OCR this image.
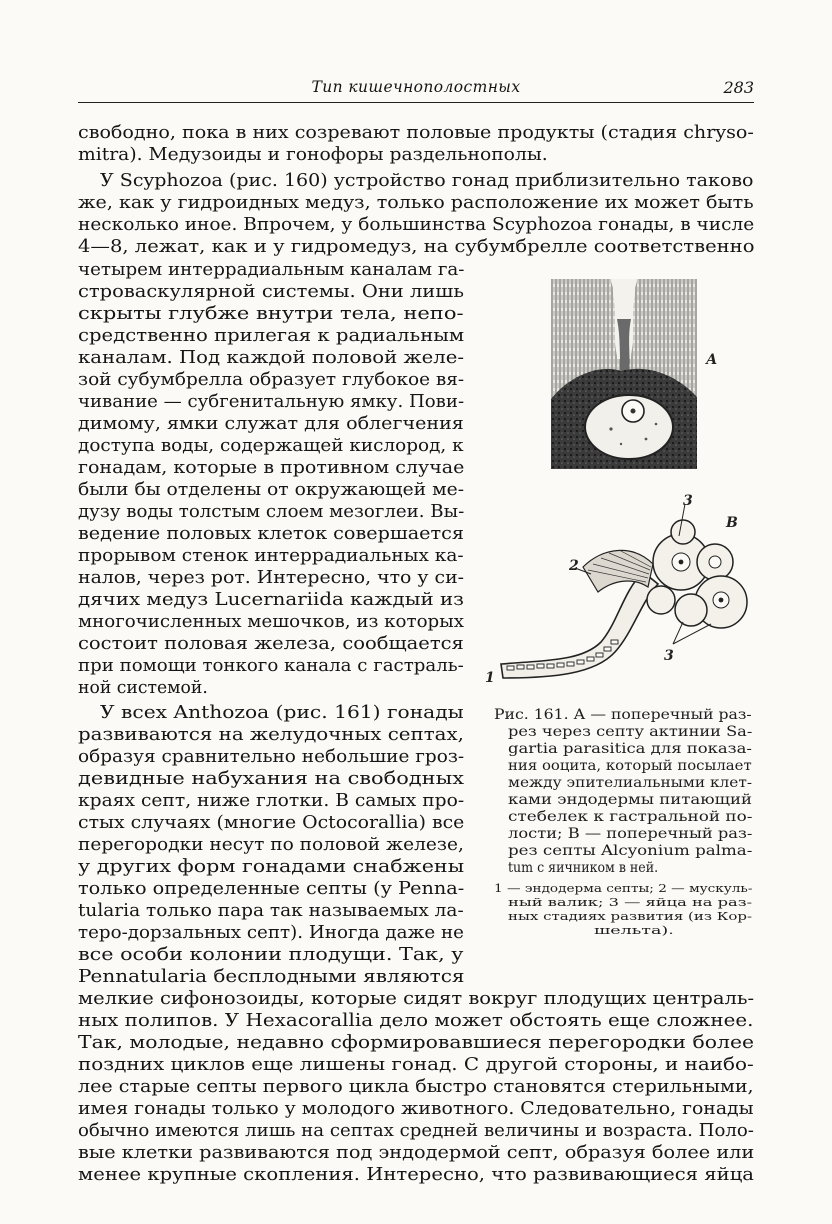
Тип кишечнополостных	283
свободно, пока в них созревают половые продукты (стадия chryso-
mitra). Медузоиды и гонофоры раздельнополы.
У Scyphozoa (рис. 160) устройство гонад приблизительно таково
же, как у гидроидных медуз, только расположение их может быть
несколько иное. Впрочем, у большинства Scyphozoa гонады, в числе
4—8, лежат, как и у гидромедуз, на субумбрелле соответственно
четырем интеррадиальным каналам га-
строваскулярной системы. Они лишь
скрыты глубже внутри тела, непо-
средственно прилегая к радиальным
каналам. Под каждой половой желе-
зой субумбрелла образует глубокое вя-
чивание — субгенитальную ямку. Пови-
димому, ямки служат для облегчения
доступа воды, содержащей кислород, к
гонадам, которые в противном случае
были бы отделены от окружающей ме-
дузу воды толстым слоем мезоглеи. Вы-
ведение половых клеток совершается
прорывом стенок интеррадиальных ка-
налов, через рот. Интересно, что у си-
дячих медуз Lucernariida каждый из
многочисленных мешочков, из которых
состоит половая железа, сообщается
при помощи тонкого канала с гастраль-
ной системой.
У всех Anthozoa (рис. 161) гонады
развиваются на желудочных септах,
образуя сравнительно небольшие гроз-
девидные набухания на свободных
краях септ, ниже глотки. В самых про-
стых случаях (многие Octocorallia) все
перегородки несут по половой железе,
у других форм гонадами снабжены
только определенные септы (у Penna-
tularia только пара так называемых ла-
теро-дорзальных септ). Иногда даже не
все особи колонии плодущи. Так, у
Pennatularia бесплодными являются
мелкие сифонозоиды, которые сидят вокруг плодущих централь-
ных полипов. У Hexacorallia дело может обстоять еще сложнее.
Так, молодые, недавно сформировавшиеся перегородки более
поздних циклов еще лишены гонад. С другой стороны, и наибо-
лее старые септы первого цикла быстро становятся стерильными,
имея гонады только у молодого животного. Следовательно, гонады
обычно имеются лишь на септах средней величины и возраста. Поло-
вые клетки развиваются под эндодермой септ, образуя более или
менее крупные скопления. Интересно, что развивающиеся яйца
А
3
В
2
3
1
Рис. 161. А — поперечный раз-
рез через септу актинии Sa-
gartia parasitica для показа-
ния ооцита, который посылает
между эпителиальными клет-
ками эндодермы питающий
стебелек к гастральной по-
лости; В — поперечный раз-
рез септы Alcyonium palma-
tum с яичником в ней.
1 — эндодерма септы; 2 — мускуль-
ный валик; 3 — яйца на раз-
ных стадиях развития (из Кор-
шельта).
